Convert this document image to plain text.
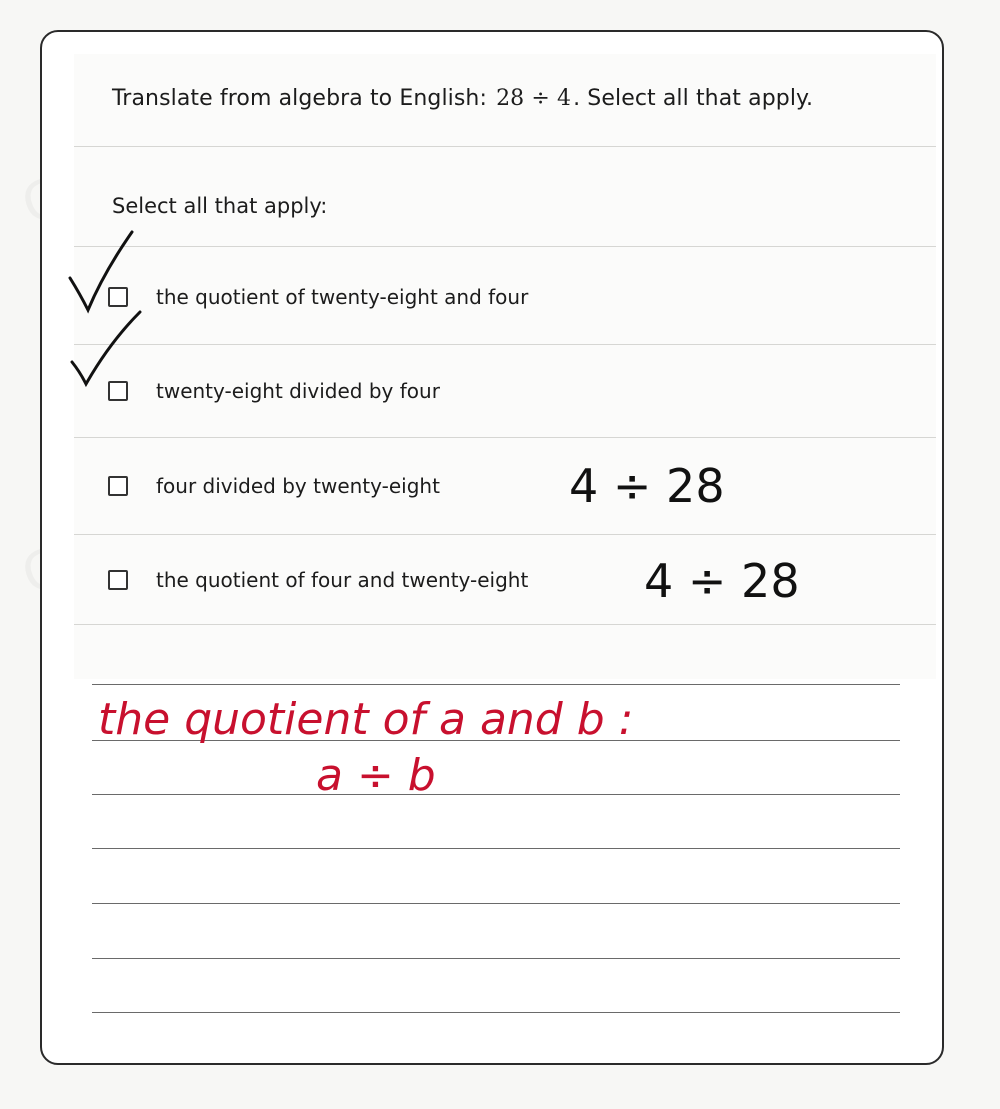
Translate from algebra to English: 28 ÷ 4. Select all that apply.
Select all that apply:
the quotient of twenty-eight and four
twenty-eight divided by four
four divided by twenty-eight
the quotient of four and twenty-eight
4 ÷ 28
4 ÷ 28
the quotient of a and b :
a ÷ b
